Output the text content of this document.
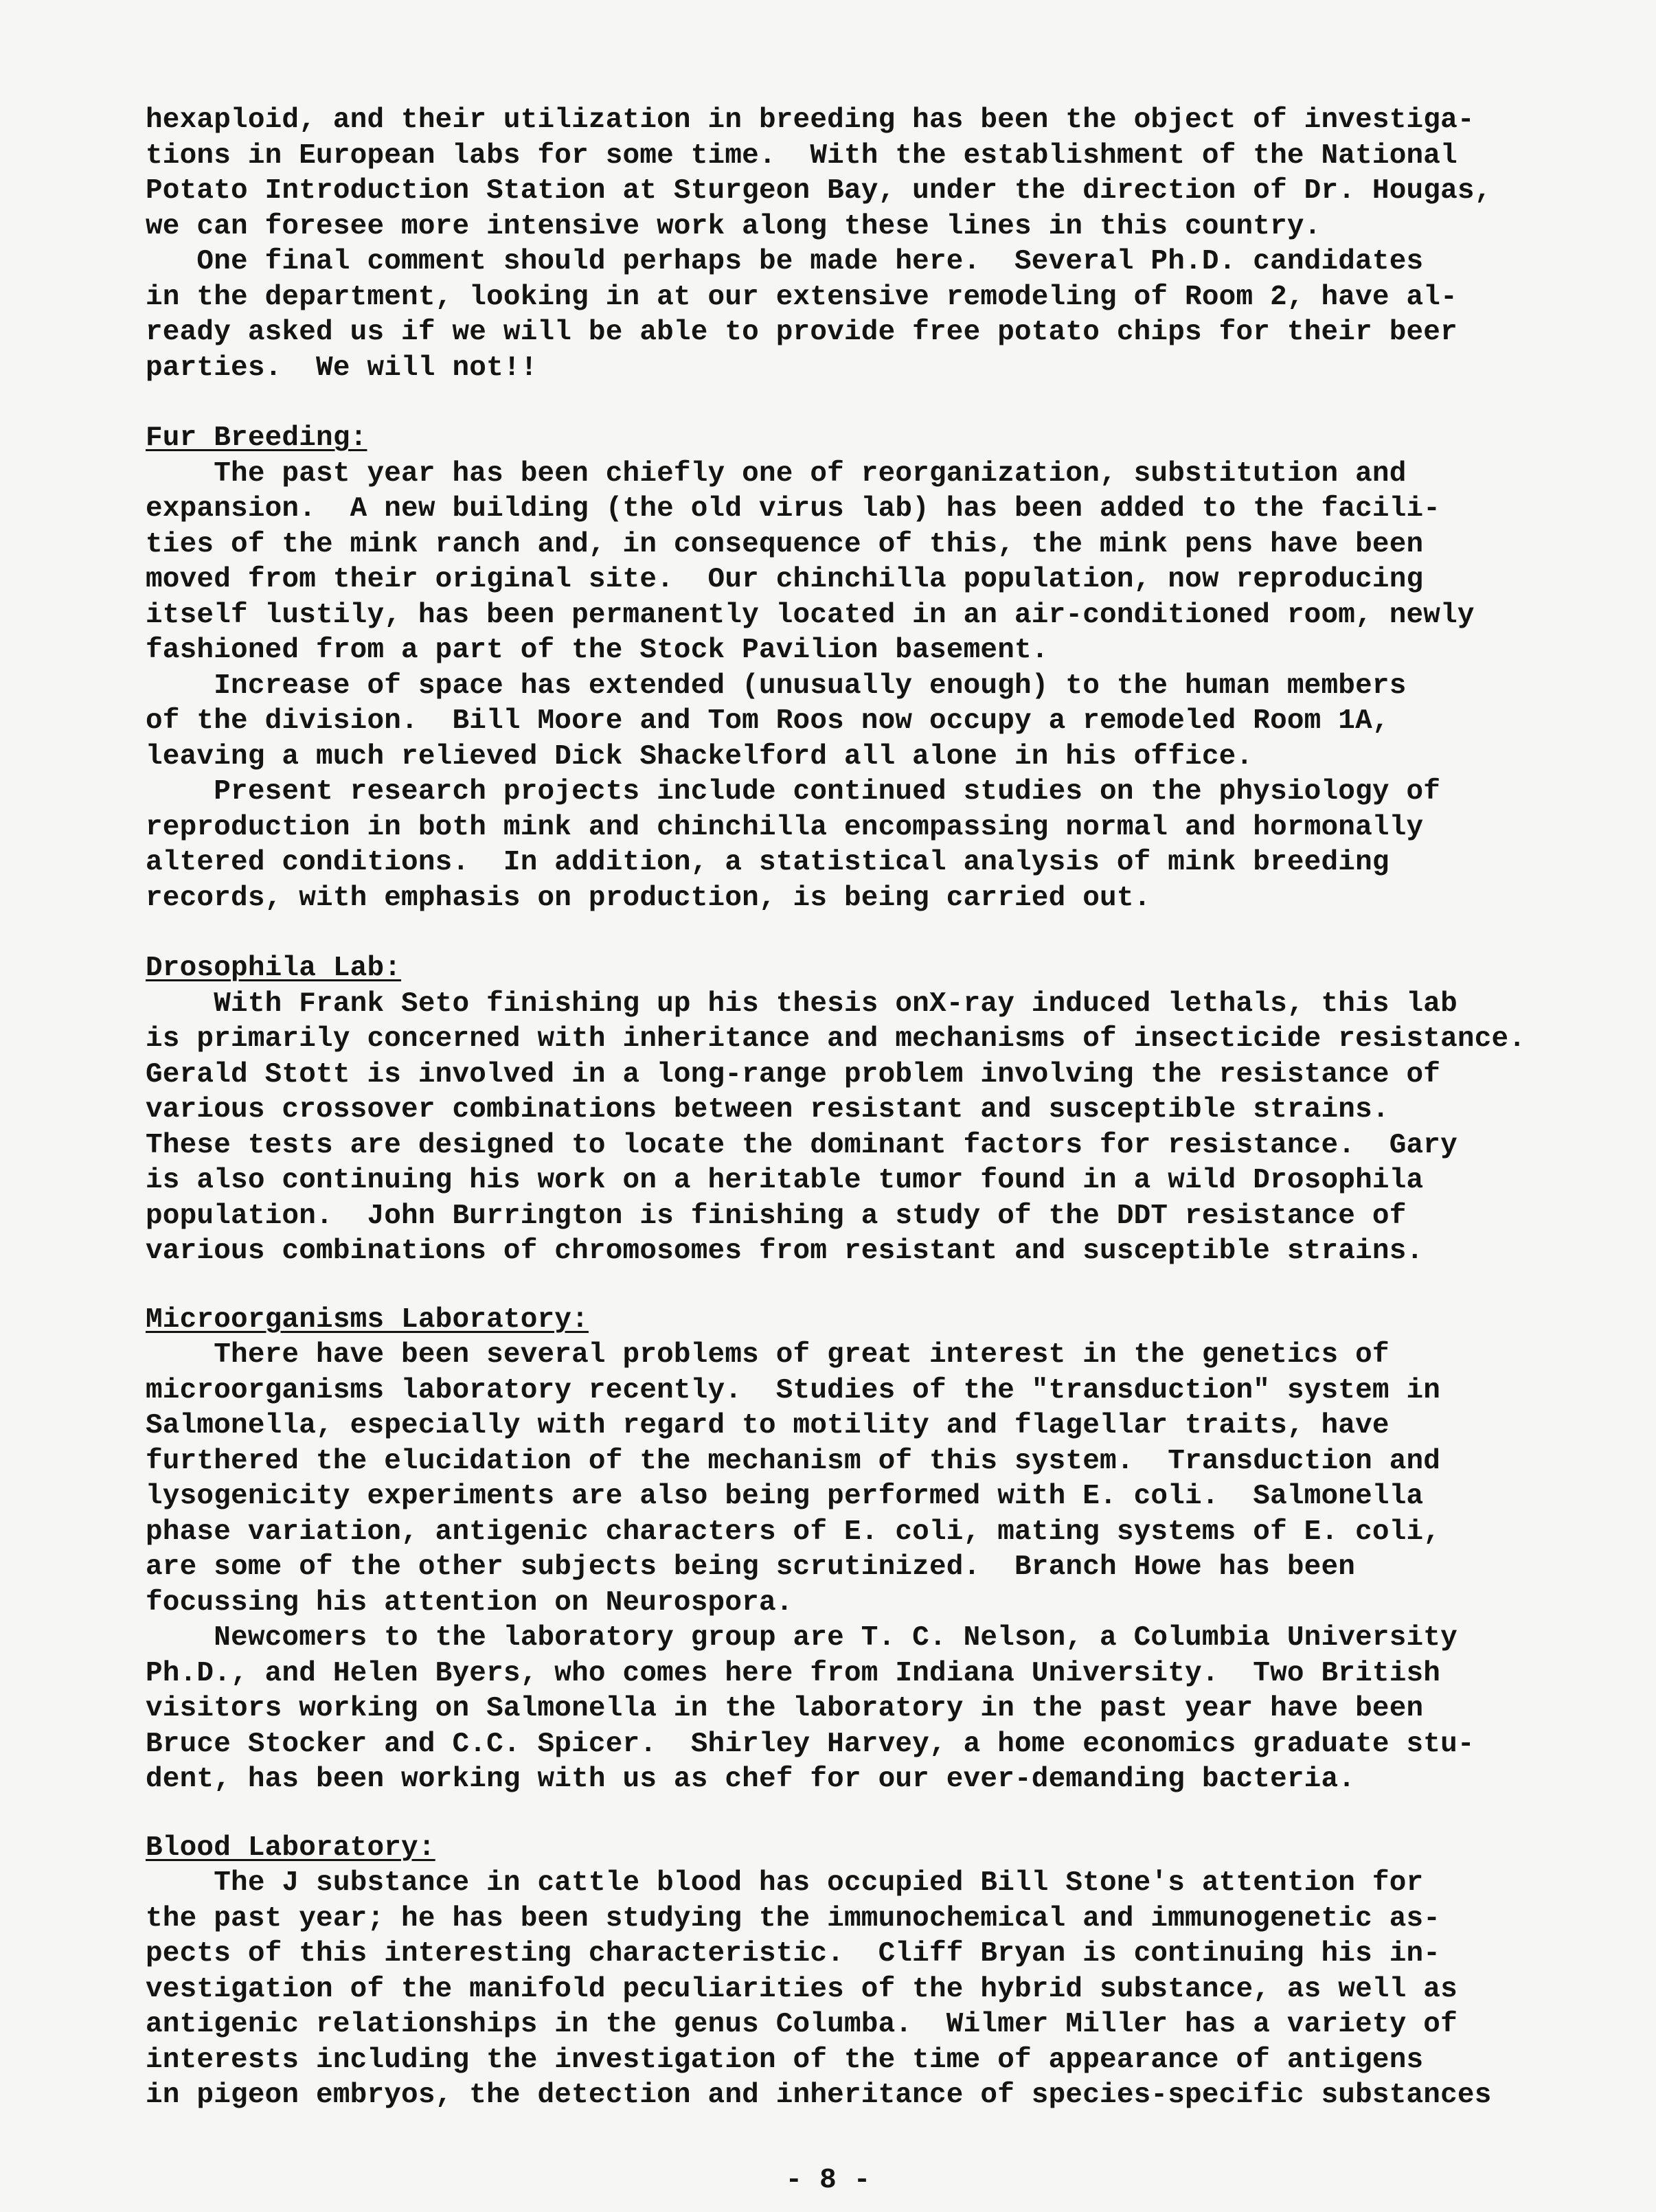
hexaploid, and their utilization in breeding has been the object of investiga-

tions in European labs for some time.  With the establishment of the National

Potato Introduction Station at Sturgeon Bay, under the direction of Dr. Hougas,

we can foresee more intensive work along these lines in this country.

One final comment should perhaps be made here.  Several Ph.D. candidates

in the department, looking in at our extensive remodeling of Room 2, have al-

ready asked us if we will be able to provide free potato chips for their beer

parties.  We will not!!

Fur Breeding:

The past year has been chiefly one of reorganization, substitution and

expansion.  A new building (the old virus lab) has been added to the facili-

ties of the mink ranch and, in consequence of this, the mink pens have been

moved from their original site.  Our chinchilla population, now reproducing

itself lustily, has been permanently located in an air-conditioned room, newly

fashioned from a part of the Stock Pavilion basement.

Increase of space has extended (unusually enough) to the human members

of the division.  Bill Moore and Tom Roos now occupy a remodeled Room 1A,

leaving a much relieved Dick Shackelford all alone in his office.

Present research projects include continued studies on the physiology of

reproduction in both mink and chinchilla encompassing normal and hormonally

altered conditions.  In addition, a statistical analysis of mink breeding

records, with emphasis on production, is being carried out.

Drosophila Lab:

With Frank Seto finishing up his thesis onX-ray induced lethals, this lab

is primarily concerned with inheritance and mechanisms of insecticide resistance.

Gerald Stott is involved in a long-range problem involving the resistance of

various crossover combinations between resistant and susceptible strains.

These tests are designed to locate the dominant factors for resistance.  Gary

is also continuing his work on a heritable tumor found in a wild Drosophila

population.  John Burrington is finishing a study of the DDT resistance of

various combinations of chromosomes from resistant and susceptible strains.

Microorganisms Laboratory:

There have been several problems of great interest in the genetics of

microorganisms laboratory recently.  Studies of the "transduction" system in

Salmonella, especially with regard to motility and flagellar traits, have

furthered the elucidation of the mechanism of this system.  Transduction and

lysogenicity experiments are also being performed with E. coli.  Salmonella

phase variation, antigenic characters of E. coli, mating systems of E. coli,

are some of the other subjects being scrutinized.  Branch Howe has been

focussing his attention on Neurospora.

Newcomers to the laboratory group are T. C. Nelson, a Columbia University

Ph.D., and Helen Byers, who comes here from Indiana University.  Two British

visitors working on Salmonella in the laboratory in the past year have been

Bruce Stocker and C.C. Spicer.  Shirley Harvey, a home economics graduate stu-

dent, has been working with us as chef for our ever-demanding bacteria.

Blood Laboratory:

The J substance in cattle blood has occupied Bill Stone's attention for

the past year; he has been studying the immunochemical and immunogenetic as-

pects of this interesting characteristic.  Cliff Bryan is continuing his in-

vestigation of the manifold peculiarities of the hybrid substance, as well as

antigenic relationships in the genus Columba.  Wilmer Miller has a variety of

interests including the investigation of the time of appearance of antigens

in pigeon embryos, the detection and inheritance of species-specific substances

- 8 -
